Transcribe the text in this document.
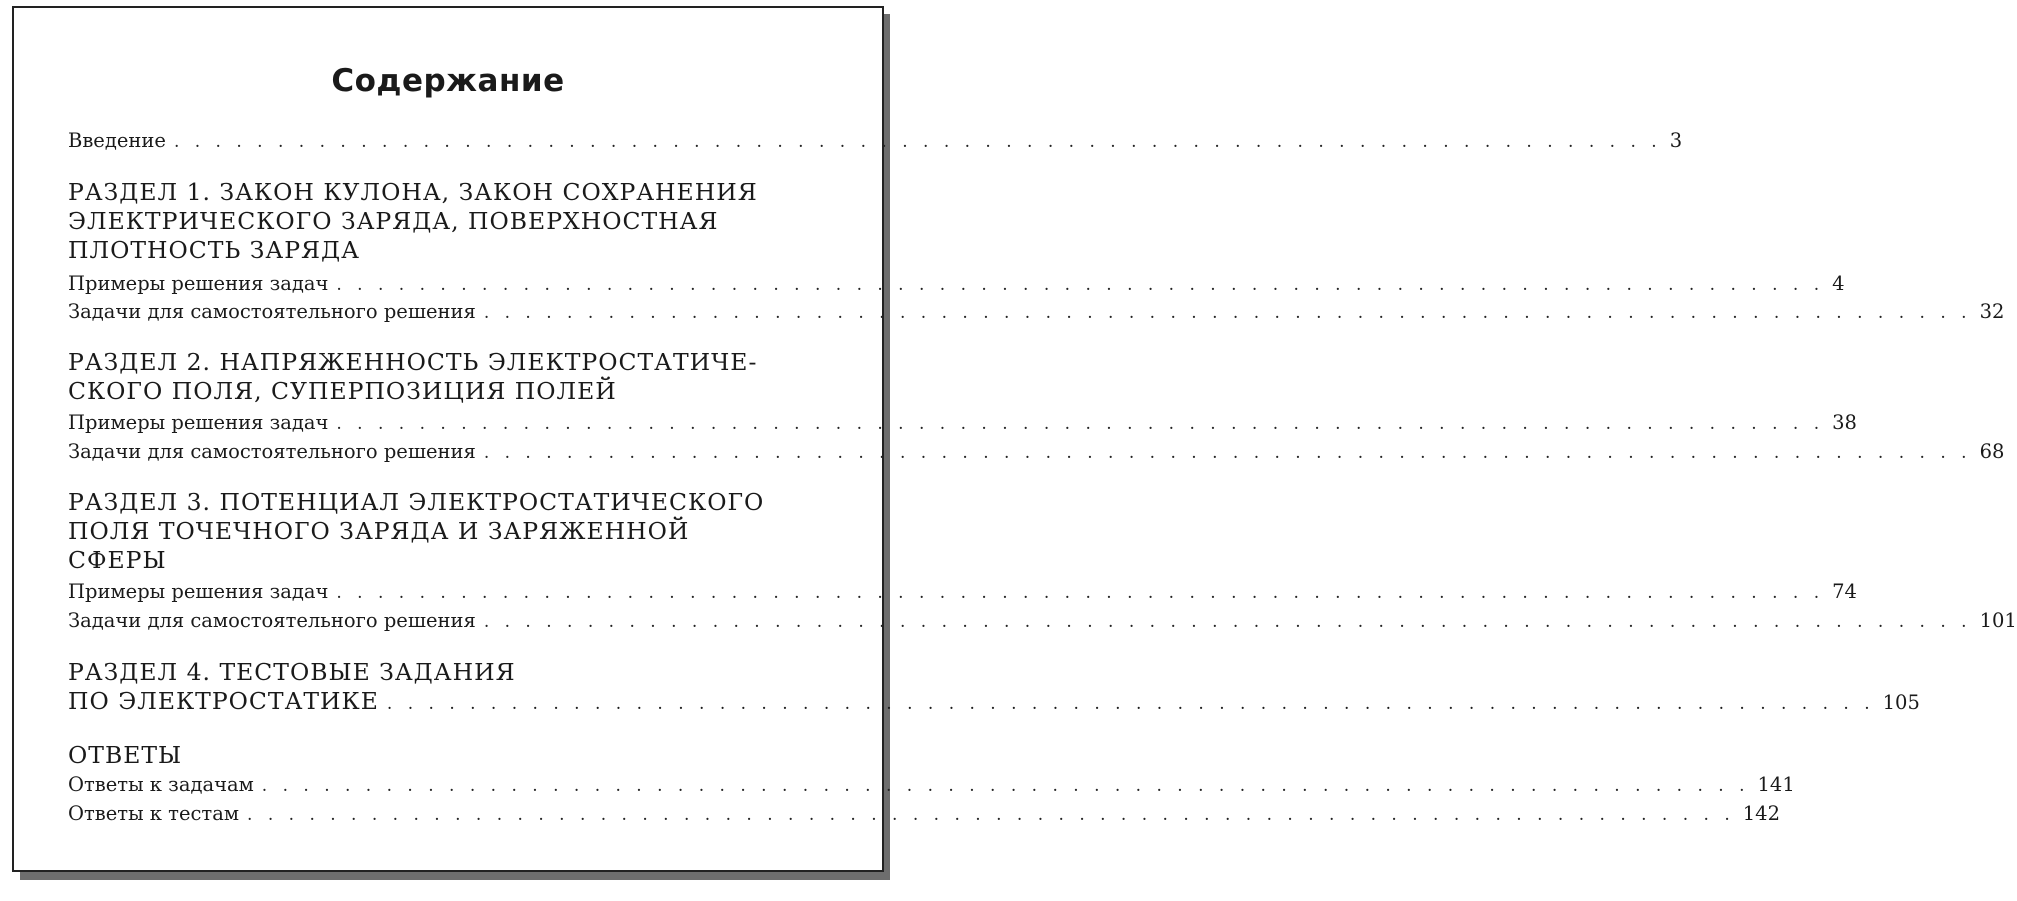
Содержание
Введение . . . . . . . . . . . . . . . . . . . . . . . . . . . . . . . . . . . . . . . . . . . . . . . . . . . . . . . . . . . . . . . . . . . . . . . . 3
РАЗДЕЛ 1. ЗАКОН КУЛОНА, ЗАКОН СОХРАНЕНИЯ
ЭЛЕКТРИЧЕСКОГО ЗАРЯДА, ПОВЕРХНОСТНАЯ
ПЛОТНОСТЬ ЗАРЯДА
Примеры решения задач . . . . . . . . . . . . . . . . . . . . . . . . . . . . . . . . . . . . . . . . . . . . . . . . . . . . . . . . . . . . . . . . . . . . . . . . 4
Задачи для самостоятельного решения . . . . . . . . . . . . . . . . . . . . . . . . . . . . . . . . . . . . . . . . . . . . . . . . . . . . . . . . . . . . . . . . . . . . . . . . 32
РАЗДЕЛ 2. НАПРЯЖЕННОСТЬ ЭЛЕКТРОСТАТИЧЕ-
СКОГО ПОЛЯ, СУПЕРПОЗИЦИЯ ПОЛЕЙ
Примеры решения задач . . . . . . . . . . . . . . . . . . . . . . . . . . . . . . . . . . . . . . . . . . . . . . . . . . . . . . . . . . . . . . . . . . . . . . . . 38
Задачи для самостоятельного решения . . . . . . . . . . . . . . . . . . . . . . . . . . . . . . . . . . . . . . . . . . . . . . . . . . . . . . . . . . . . . . . . . . . . . . . . 68
РАЗДЕЛ 3. ПОТЕНЦИАЛ ЭЛЕКТРОСТАТИЧЕСКОГО
ПОЛЯ ТОЧЕЧНОГО ЗАРЯДА И ЗАРЯЖЕННОЙ
СФЕРЫ
Примеры решения задач . . . . . . . . . . . . . . . . . . . . . . . . . . . . . . . . . . . . . . . . . . . . . . . . . . . . . . . . . . . . . . . . . . . . . . . . 74
Задачи для самостоятельного решения . . . . . . . . . . . . . . . . . . . . . . . . . . . . . . . . . . . . . . . . . . . . . . . . . . . . . . . . . . . . . . . . . . . . . . . . 101
РАЗДЕЛ 4. ТЕСТОВЫЕ ЗАДАНИЯ
ПО ЭЛЕКТРОСТАТИКЕ . . . . . . . . . . . . . . . . . . . . . . . . . . . . . . . . . . . . . . . . . . . . . . . . . . . . . . . . . . . . . . . . . . . . . . . . 105
ОТВЕТЫ
Ответы к задачам . . . . . . . . . . . . . . . . . . . . . . . . . . . . . . . . . . . . . . . . . . . . . . . . . . . . . . . . . . . . . . . . . . . . . . . . 141
Ответы к тестам . . . . . . . . . . . . . . . . . . . . . . . . . . . . . . . . . . . . . . . . . . . . . . . . . . . . . . . . . . . . . . . . . . . . . . . . 142
